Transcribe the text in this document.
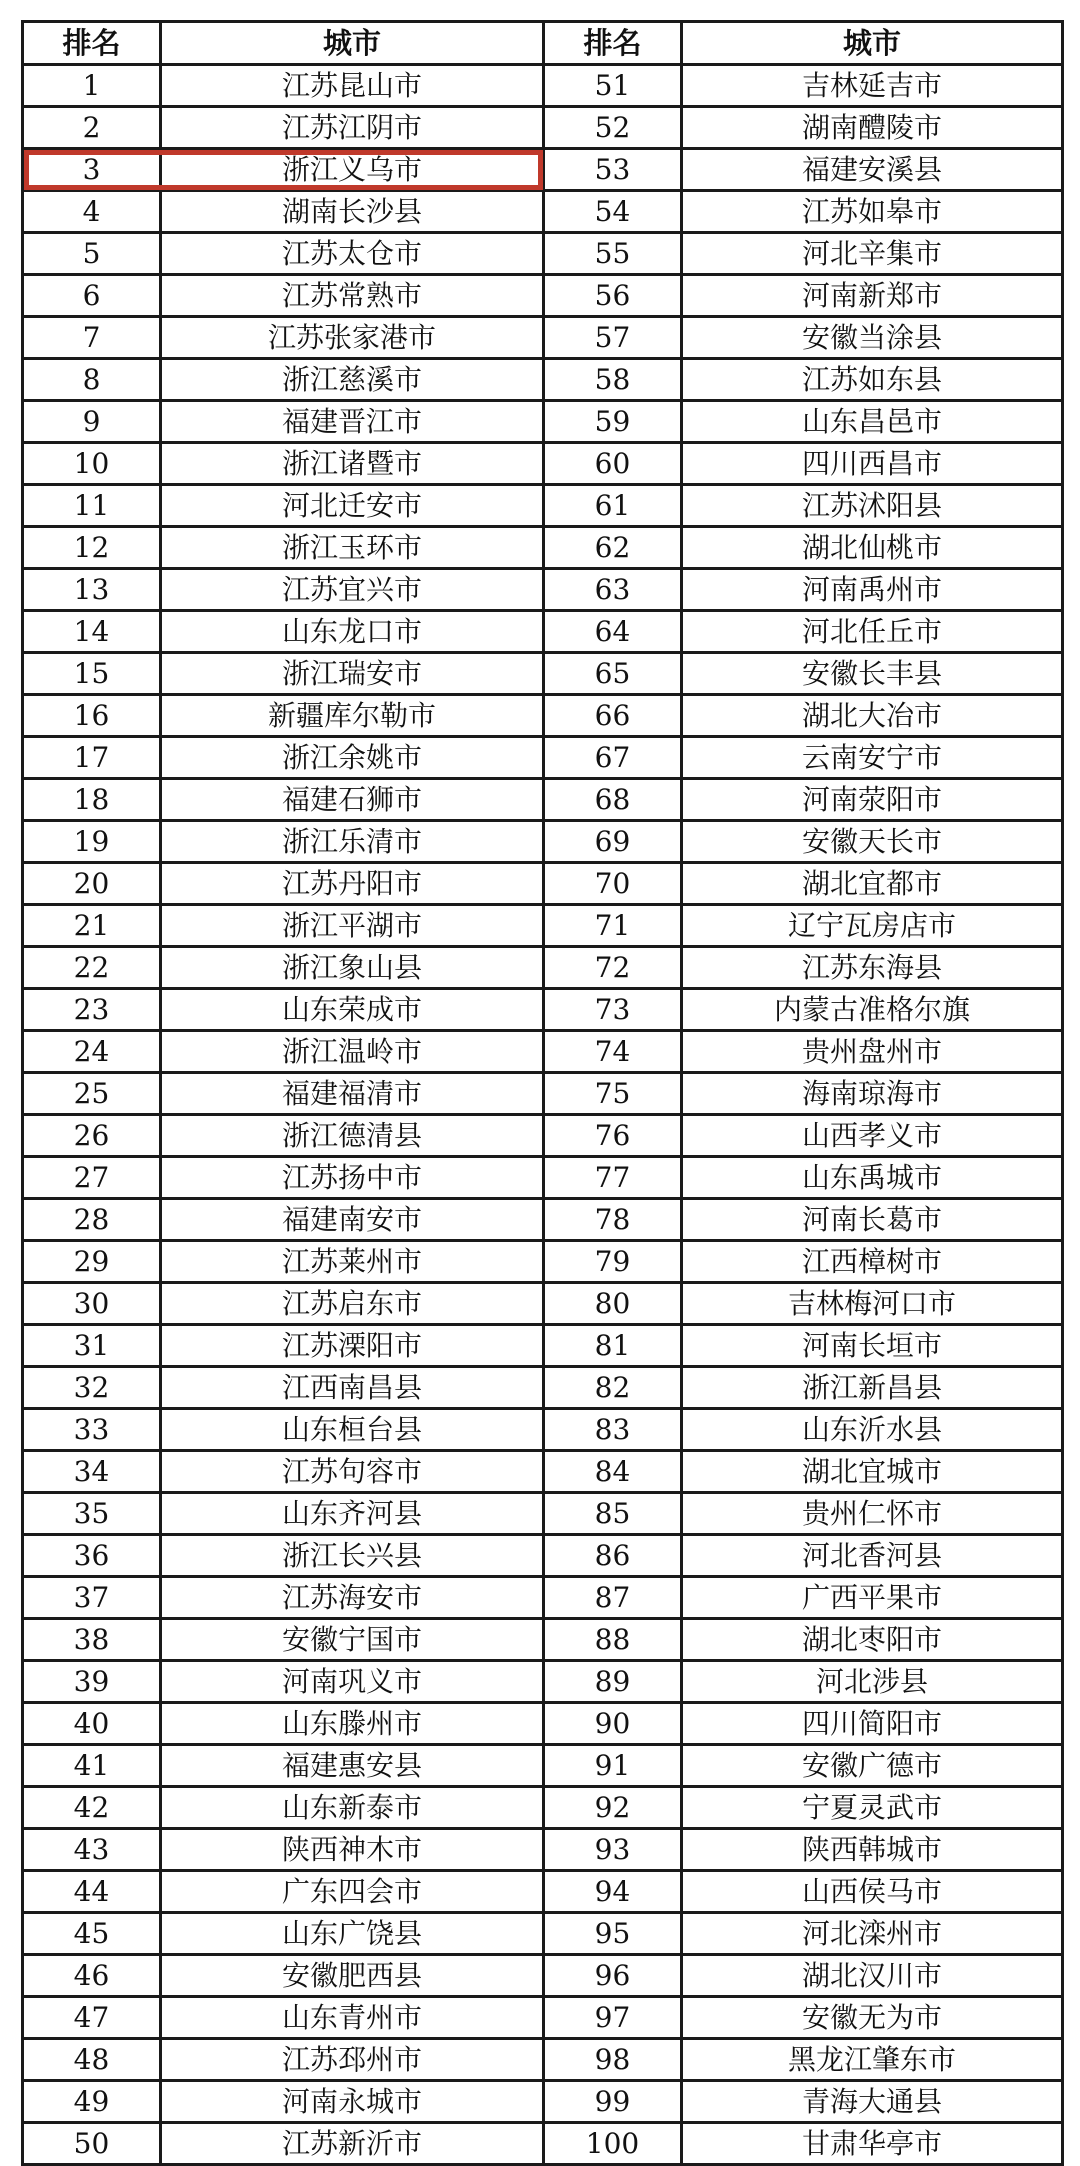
排名	城市	排名	城市
1	江苏昆山市	51	吉林延吉市
2	江苏江阴市	52	湖南醴陵市
3	浙江义乌市	53	福建安溪县
4	湖南长沙县	54	江苏如皋市
5	江苏太仓市	55	河北辛集市
6	江苏常熟市	56	河南新郑市
7	江苏张家港市	57	安徽当涂县
8	浙江慈溪市	58	江苏如东县
9	福建晋江市	59	山东昌邑市
10	浙江诸暨市	60	四川西昌市
11	河北迁安市	61	江苏沭阳县
12	浙江玉环市	62	湖北仙桃市
13	江苏宜兴市	63	河南禹州市
14	山东龙口市	64	河北任丘市
15	浙江瑞安市	65	安徽长丰县
16	新疆库尔勒市	66	湖北大冶市
17	浙江余姚市	67	云南安宁市
18	福建石狮市	68	河南荥阳市
19	浙江乐清市	69	安徽天长市
20	江苏丹阳市	70	湖北宜都市
21	浙江平湖市	71	辽宁瓦房店市
22	浙江象山县	72	江苏东海县
23	山东荣成市	73	内蒙古准格尔旗
24	浙江温岭市	74	贵州盘州市
25	福建福清市	75	海南琼海市
26	浙江德清县	76	山西孝义市
27	江苏扬中市	77	山东禹城市
28	福建南安市	78	河南长葛市
29	江苏莱州市	79	江西樟树市
30	江苏启东市	80	吉林梅河口市
31	江苏溧阳市	81	河南长垣市
32	江西南昌县	82	浙江新昌县
33	山东桓台县	83	山东沂水县
34	江苏句容市	84	湖北宜城市
35	山东齐河县	85	贵州仁怀市
36	浙江长兴县	86	河北香河县
37	江苏海安市	87	广西平果市
38	安徽宁国市	88	湖北枣阳市
39	河南巩义市	89	河北涉县
40	山东滕州市	90	四川简阳市
41	福建惠安县	91	安徽广德市
42	山东新泰市	92	宁夏灵武市
43	陕西神木市	93	陕西韩城市
44	广东四会市	94	山西侯马市
45	山东广饶县	95	河北滦州市
46	安徽肥西县	96	湖北汉川市
47	山东青州市	97	安徽无为市
48	江苏邳州市	98	黑龙江肇东市
49	河南永城市	99	青海大通县
50	江苏新沂市	100	甘肃华亭市
